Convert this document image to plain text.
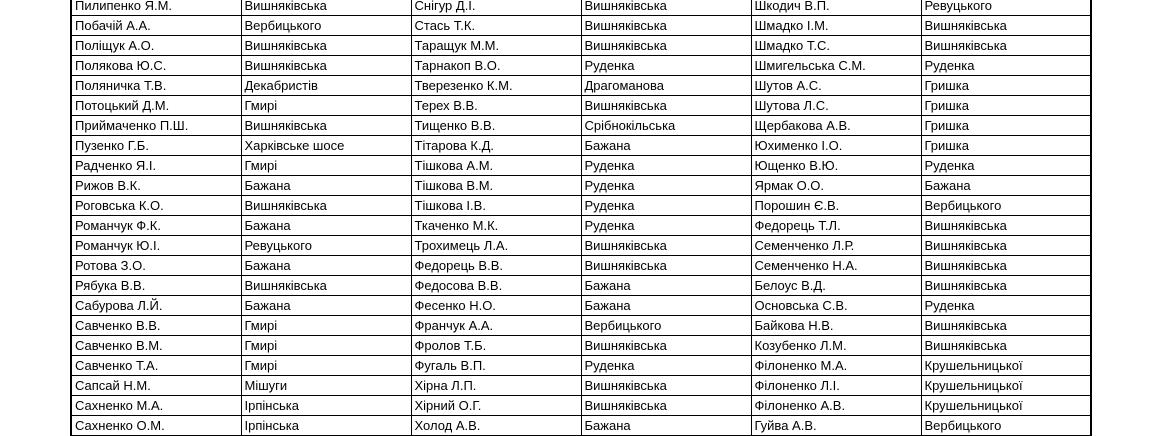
Пилипенко Я.М.	Вишняківська	Снігур Д.І.	Вишняківська	Шкодич В.П.	Ревуцького
Побачій А.А.	Вербицького	Стась Т.К.	Вишняківська	Шмадко І.М.	Вишняківська
Поліщук А.О.	Вишняківська	Таращук М.М.	Вишняківська	Шмадко Т.С.	Вишняківська
Полякова Ю.С.	Вишняківська	Тарнакоп В.О.	Руденка	Шмигельська С.М.	Руденка
Поляничка Т.В.	Декабристів	Тверезенко К.М.	Драгоманова	Шутов А.С.	Гришка
Потоцький Д.М.	Гмирі	Терех В.В.	Вишняківська	Шутова Л.С.	Гришка
Приймаченко П.Ш.	Вишняківська	Тищенко В.В.	Срібнокільська	Щербакова А.В.	Гришка
Пузенко Г.Б.	Харківське шосе	Тітарова К.Д.	Бажана	Юхименко І.О.	Гришка
Радченко Я.І.	Гмирі	Тішкова А.М.	Руденка	Ющенко В.Ю.	Руденка
Рижов В.К.	Бажана	Тішкова В.М.	Руденка	Ярмак О.О.	Бажана
Роговська К.О.	Вишняківська	Тішкова І.В.	Руденка	Порошин Є.В.	Вербицького
Романчук Ф.К.	Бажана	Ткаченко М.К.	Руденка	Федорець Т.Л.	Вишняківська
Романчук Ю.І.	Ревуцького	Трохимець Л.А.	Вишняківська	Семенченко Л.Р.	Вишняківська
Ротова З.О.	Бажана	Федорець В.В.	Вишняківська	Семенченко Н.А.	Вишняківська
Рябука В.В.	Вишняківська	Федосова В.В.	Бажана	Белоус В.Д.	Вишняківська
Сабурова Л.Й.	Бажана	Фесенко Н.О.	Бажана	Основська С.В.	Руденка
Савченко В.В.	Гмирі	Франчук А.А.	Вербицького	Байкова Н.В.	Вишняківська
Савченко В.М.	Гмирі	Фролов Т.Б.	Вишняківська	Козубенко Л.М.	Вишняківська
Савченко Т.А.	Гмирі	Фугаль В.П.	Руденка	Філоненко М.А.	Крушельницької
Сапсай Н.М.	Мішуги	Хірна Л.П.	Вишняківська	Філоненко Л.І.	Крушельницької
Сахненко М.А.	Ірпінська	Хірний О.Г.	Вишняківська	Філоненко А.В.	Крушельницької
Сахненко О.М.	Ірпінська	Холод А.В.	Бажана	Гуйва А.В.	Вербицького
